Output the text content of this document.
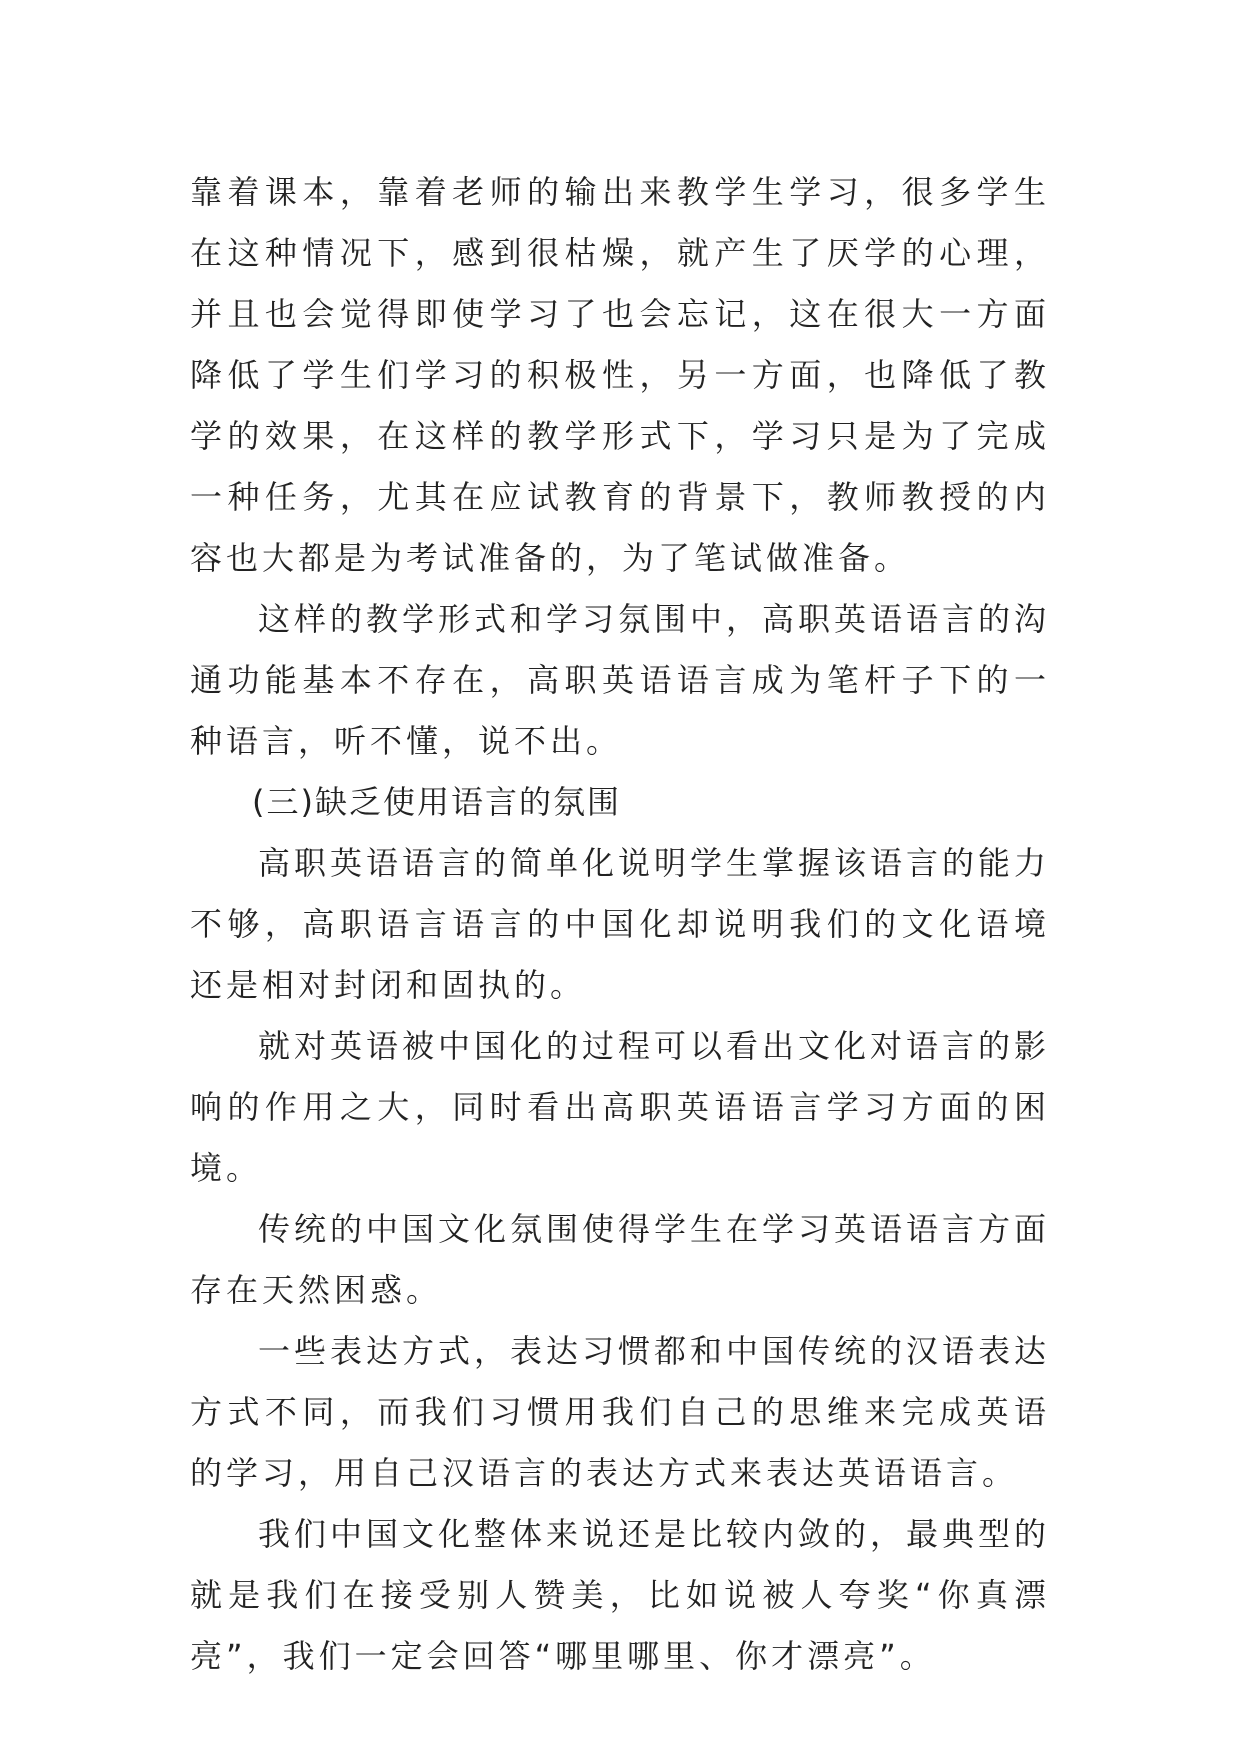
靠着课本，靠着老师的输出来教学生学习，很多学生在这种情况下，感到很枯燥，就产生了厌学的心理，并且也会觉得即使学习了也会忘记，这在很大一方面降低了学生们学习的积极性，另一方面，也降低了教学的效果，在这样的教学形式下，学习只是为了完成一种任务，尤其在应试教育的背景下，教师教授的内容也大都是为考试准备的，为了笔试做准备。

这样的教学形式和学习氛围中，高职英语语言的沟通功能基本不存在，高职英语语言成为笔杆子下的一种语言，听不懂，说不出。

(三)缺乏使用语言的氛围

高职英语语言的简单化说明学生掌握该语言的能力不够，高职语言语言的中国化却说明我们的文化语境还是相对封闭和固执的。

就对英语被中国化的过程可以看出文化对语言的影响的作用之大，同时看出高职英语语言学习方面的困境。

传统的中国文化氛围使得学生在学习英语语言方面存在天然困惑。

一些表达方式，表达习惯都和中国传统的汉语表达方式不同，而我们习惯用我们自己的思维来完成英语的学习，用自己汉语言的表达方式来表达英语语言。

我们中国文化整体来说还是比较内敛的，最典型的就是我们在接受别人赞美，比如说被人夸奖“你真漂亮”，我们一定会回答“哪里哪里、你才漂亮”。
